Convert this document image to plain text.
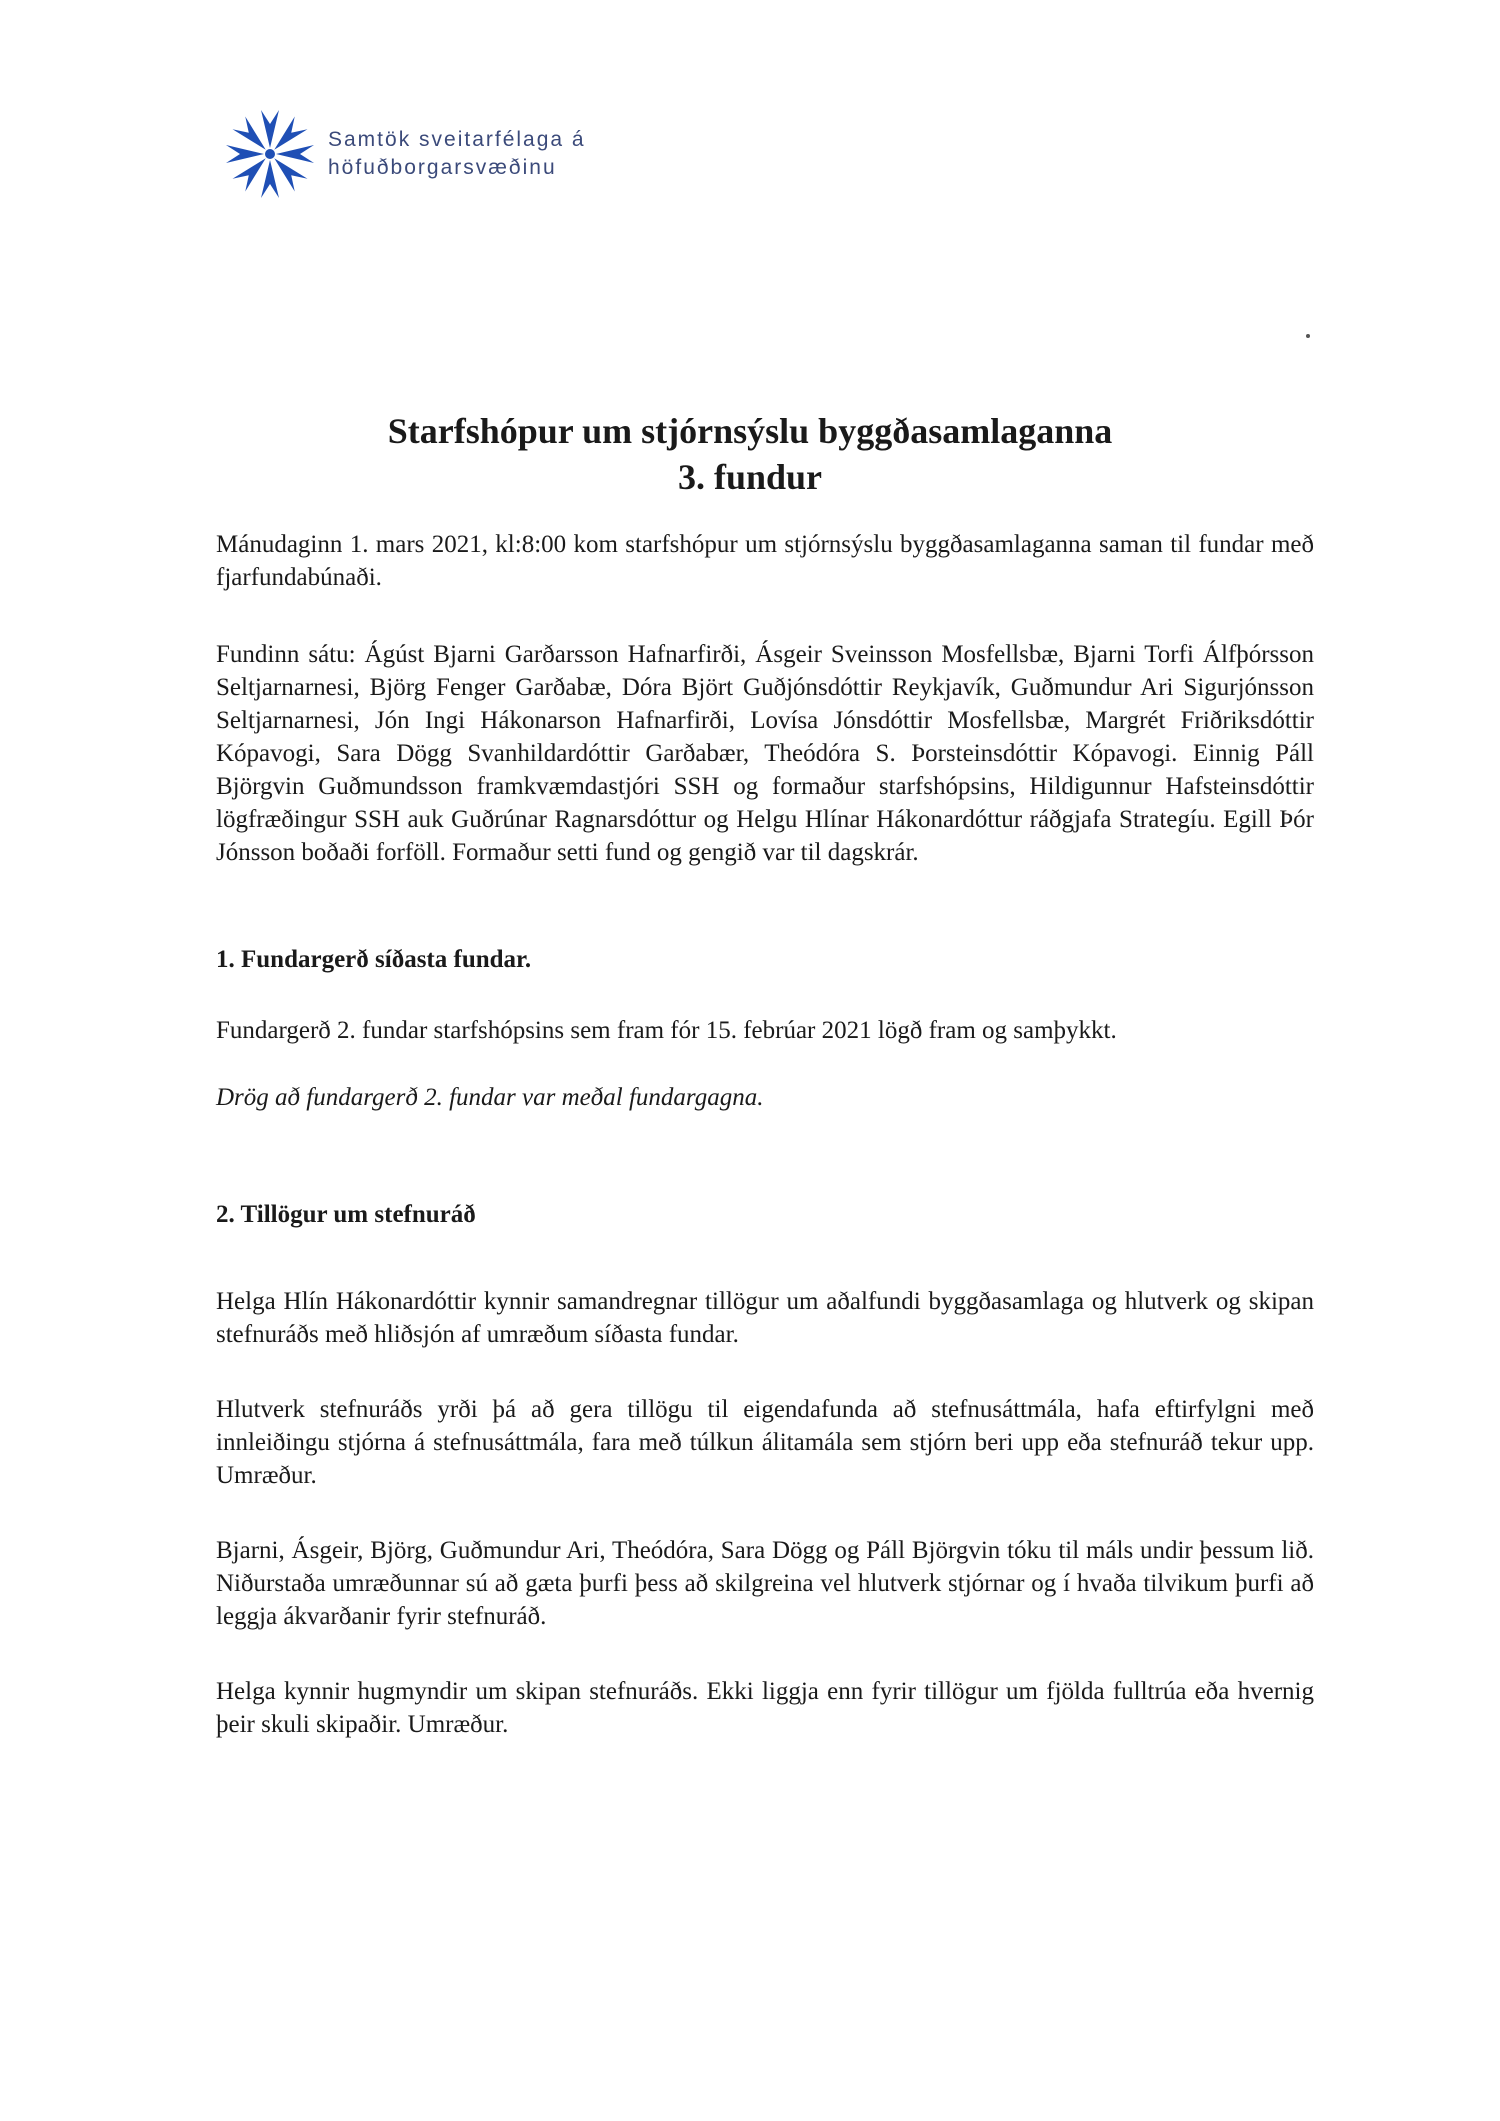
Samtök sveitarfélaga á
höfuðborgarsvæðinu
Starfshópur um stjórnsýslu byggðasamlaganna
3. fundur

Mánudaginn 1. mars 2021, kl:8:00 kom starfshópur um stjórnsýslu byggðasamlaganna saman til fundar með fjarfundabúnaði.

Fundinn sátu: Ágúst Bjarni Garðarsson Hafnarfirði, Ásgeir Sveinsson Mosfellsbæ, Bjarni Torfi Álfþórsson Seltjarnarnesi, Björg Fenger Garðabæ, Dóra Björt Guðjónsdóttir Reykjavík, Guðmundur Ari Sigurjónsson Seltjarnarnesi, Jón Ingi Hákonarson Hafnarfirði, Lovísa Jónsdóttir Mosfellsbæ, Margrét Friðriksdóttir Kópavogi, Sara Dögg Svanhildardóttir Garðabær, Theódóra S. Þorsteinsdóttir Kópavogi. Einnig Páll Björgvin Guðmundsson framkvæmdastjóri SSH og formaður starfshópsins, Hildigunnur Hafsteinsdóttir lögfræðingur SSH auk Guðrúnar Ragnarsdóttur og Helgu Hlínar Hákonardóttur ráðgjafa Strategíu. Egill Þór Jónsson boðaði forföll. Formaður setti fund og gengið var til dagskrár.

1. Fundargerð síðasta fundar.

Fundargerð 2. fundar starfshópsins sem fram fór 15. febrúar 2021 lögð fram og samþykkt.

Drög að fundargerð 2. fundar var meðal fundargagna.

2. Tillögur um stefnuráð

Helga Hlín Hákonardóttir kynnir samandregnar tillögur um aðalfundi byggðasamlaga og hlutverk og skipan stefnuráðs með hliðsjón af umræðum síðasta fundar.

Hlutverk stefnuráðs yrði þá að gera tillögu til eigendafunda að stefnusáttmála, hafa eftirfylgni með innleiðingu stjórna á stefnusáttmála, fara með túlkun álitamála sem stjórn beri upp eða stefnuráð tekur upp. Umræður.

Bjarni, Ásgeir, Björg, Guðmundur Ari, Theódóra, Sara Dögg og Páll Björgvin tóku til máls undir þessum lið. Niðurstaða umræðunnar sú að gæta þurfi þess að skilgreina vel hlutverk stjórnar og í hvaða tilvikum þurfi að leggja ákvarðanir fyrir stefnuráð.

Helga kynnir hugmyndir um skipan stefnuráðs. Ekki liggja enn fyrir tillögur um fjölda fulltrúa eða hvernig þeir skuli skipaðir. Umræður.
